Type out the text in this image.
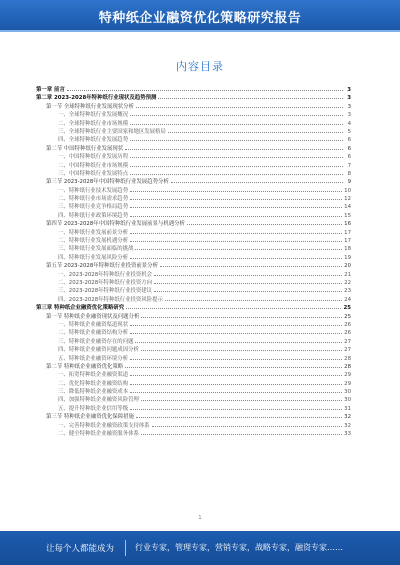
特种纸企业融资优化策略研究报告
内容目录
第一章 前言	3
第二章 2023-2028年特种纸行业现状及趋势预测	3
第一节 全球特种纸行业发展现状分析	3
一、全球特种纸行业发展概况	3
二、全球特种纸行业市场规模	4
三、全球特种纸行业主要国家和地区发展格局	5
四、全球特种纸行业发展趋势	6
第二节 中国特种纸行业发展现状	6
一、中国特种纸行业发展历程	6
二、中国特种纸行业市场规模	7
三、中国特种纸行业发展特点	8
第三节 2023-2028年中国特种纸行业发展趋势分析	9
一、特种纸行业技术发展趋势	10
二、特种纸行业市场需求趋势	12
三、特种纸行业竞争格局趋势	14
四、特种纸行业政策环境趋势	15
第四节 2023-2028年中国特种纸行业发展前景与机遇分析	16
一、特种纸行业发展前景分析	17
二、特种纸行业发展机遇分析	17
三、特种纸行业发展面临的挑战	18
四、特种纸行业发展风险分析	19
第五节 2023-2028年特种纸行业投资前景分析	20
一、2023-2028年特种纸行业投资机会	21
二、2023-2028年特种纸行业投资方向	22
三、2023-2028年特种纸行业投资建议	23
四、2023-2028年特种纸行业投资风险提示	24
第三章 特种纸企业融资优化策略研究	25
第一节 特种纸企业融资现状及问题分析	25
一、特种纸企业融资渠道现状	26
二、特种纸企业融资结构分析	26
三、特种纸企业融资存在的问题	27
四、特种纸企业融资问题成因分析	27
五、特种纸企业融资环境分析	28
第二节 特种纸企业融资优化策略	28
一、拓宽特种纸企业融资渠道	29
二、优化特种纸企业融资结构	29
三、降低特种纸企业融资成本	30
四、加强特种纸企业融资风险管理	30
五、提升特种纸企业信用等级	31
第三节 特种纸企业融资优化保障措施	32
一、完善特种纸企业融资政策支持体系	32
二、健全特种纸企业融资服务体系	33
1
让每个人都能成为	行业专家，管理专家，营销专家，战略专家，融资专家……
